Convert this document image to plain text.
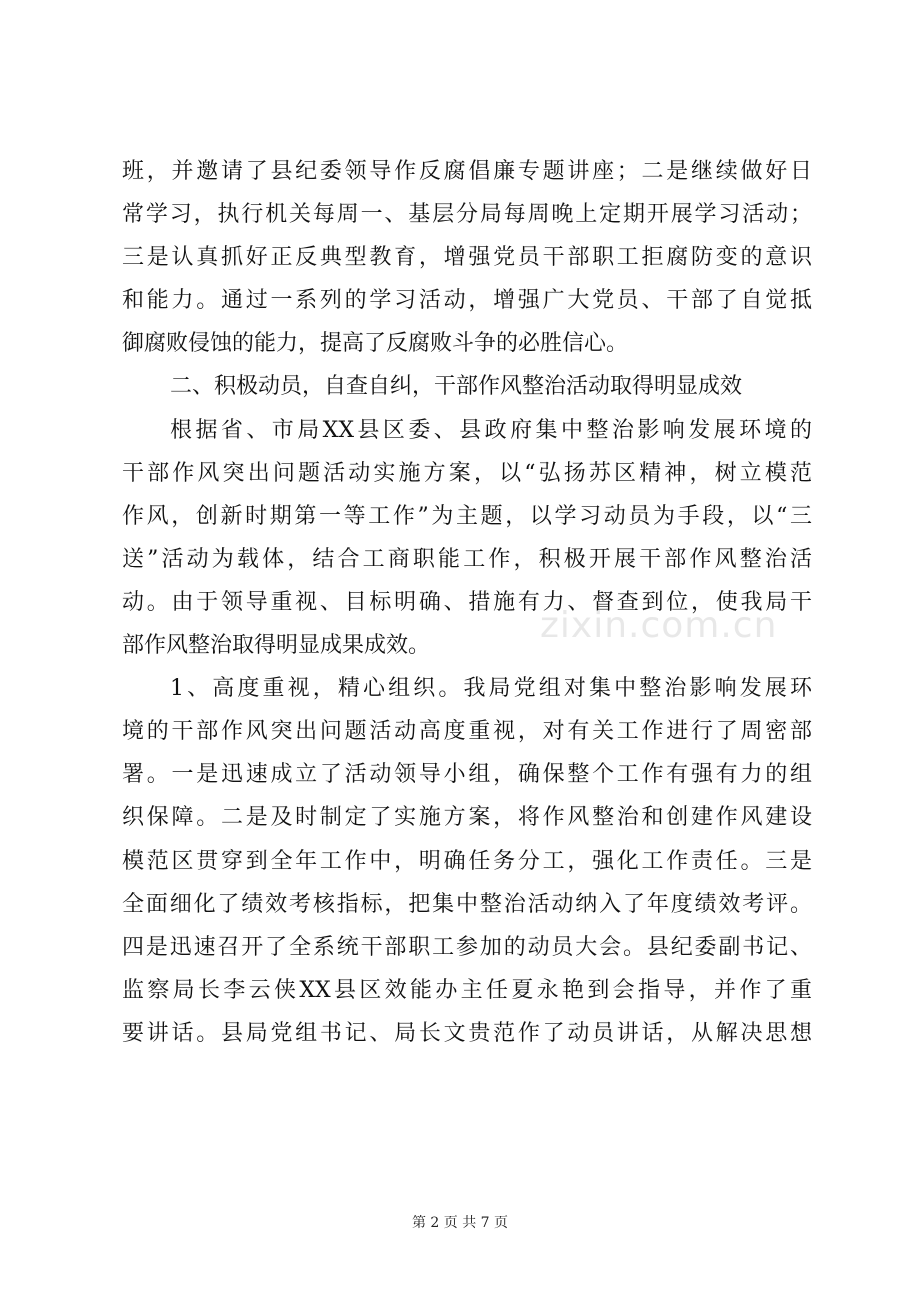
班，并邀请了县纪委领导作反腐倡廉专题讲座；二是继续做好日
常学习，执行机关每周一、基层分局每周晚上定期开展学习活动；
三是认真抓好正反典型教育，增强党员干部职工拒腐防变的意识
和能力。通过一系列的学习活动，增强广大党员、干部了自觉抵
御腐败侵蚀的能力，提高了反腐败斗争的必胜信心。
二、积极动员，自查自纠，干部作风整治活动取得明显成效
根据省、市局XX县区委、县政府集中整治影响发展环境的
干部作风突出问题活动实施方案，以“弘扬苏区精神，树立模范
作风，创新时期第一等工作”为主题，以学习动员为手段，以“三
送”活动为载体，结合工商职能工作，积极开展干部作风整治活
动。由于领导重视、目标明确、措施有力、督查到位，使我局干
部作风整治取得明显成果成效。
1、高度重视，精心组织。我局党组对集中整治影响发展环
境的干部作风突出问题活动高度重视，对有关工作进行了周密部
署。一是迅速成立了活动领导小组，确保整个工作有强有力的组
织保障。二是及时制定了实施方案，将作风整治和创建作风建设
模范区贯穿到全年工作中，明确任务分工，强化工作责任。三是
全面细化了绩效考核指标，把集中整治活动纳入了年度绩效考评。
四是迅速召开了全系统干部职工参加的动员大会。县纪委副书记、
监察局长李云侠XX县区效能办主任夏永艳到会指导，并作了重
要讲话。县局党组书记、局长文贵范作了动员讲话，从解决思想
zixin.com.cn
第 2 页 共 7 页
